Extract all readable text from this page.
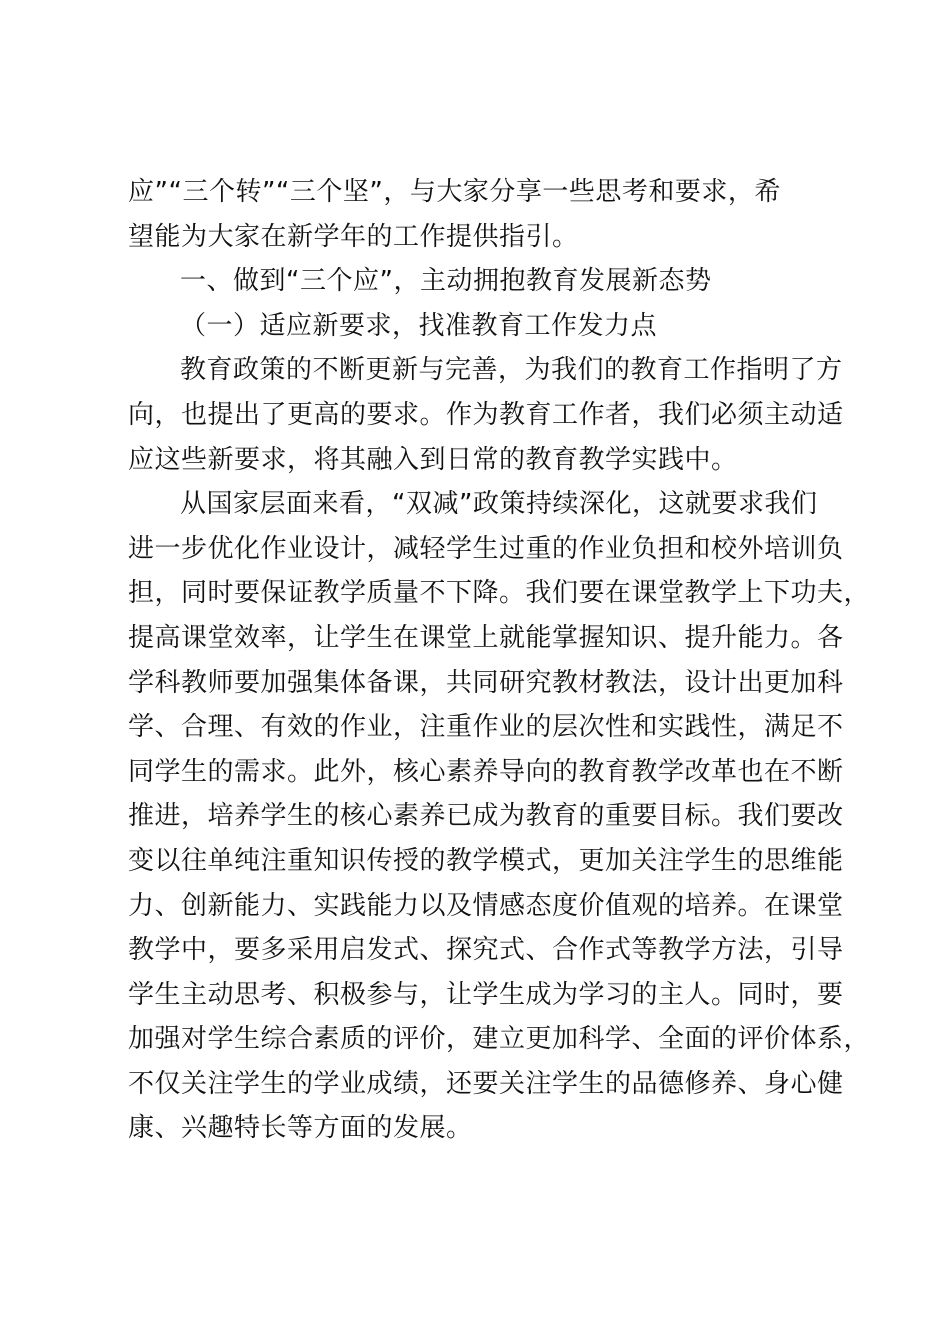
应”“三个转”“三个坚”，与大家分享一些思考和要求，希
望能为大家在新学年的工作提供指引。
一、做到“三个应”，主动拥抱教育发展新态势
（一）适应新要求，找准教育工作发力点
教育政策的不断更新与完善，为我们的教育工作指明了方
向，也提出了更高的要求。作为教育工作者，我们必须主动适
应这些新要求，将其融入到日常的教育教学实践中。
从国家层面来看，“双减”政策持续深化，这就要求我们
进一步优化作业设计，减轻学生过重的作业负担和校外培训负
担，同时要保证教学质量不下降。我们要在课堂教学上下功夫，
提高课堂效率，让学生在课堂上就能掌握知识、提升能力。各
学科教师要加强集体备课，共同研究教材教法，设计出更加科
学、合理、有效的作业，注重作业的层次性和实践性，满足不
同学生的需求。此外，核心素养导向的教育教学改革也在不断
推进，培养学生的核心素养已成为教育的重要目标。我们要改
变以往单纯注重知识传授的教学模式，更加关注学生的思维能
力、创新能力、实践能力以及情感态度价值观的培养。在课堂
教学中，要多采用启发式、探究式、合作式等教学方法，引导
学生主动思考、积极参与，让学生成为学习的主人。同时，要
加强对学生综合素质的评价，建立更加科学、全面的评价体系，
不仅关注学生的学业成绩，还要关注学生的品德修养、身心健
康、兴趣特长等方面的发展。
